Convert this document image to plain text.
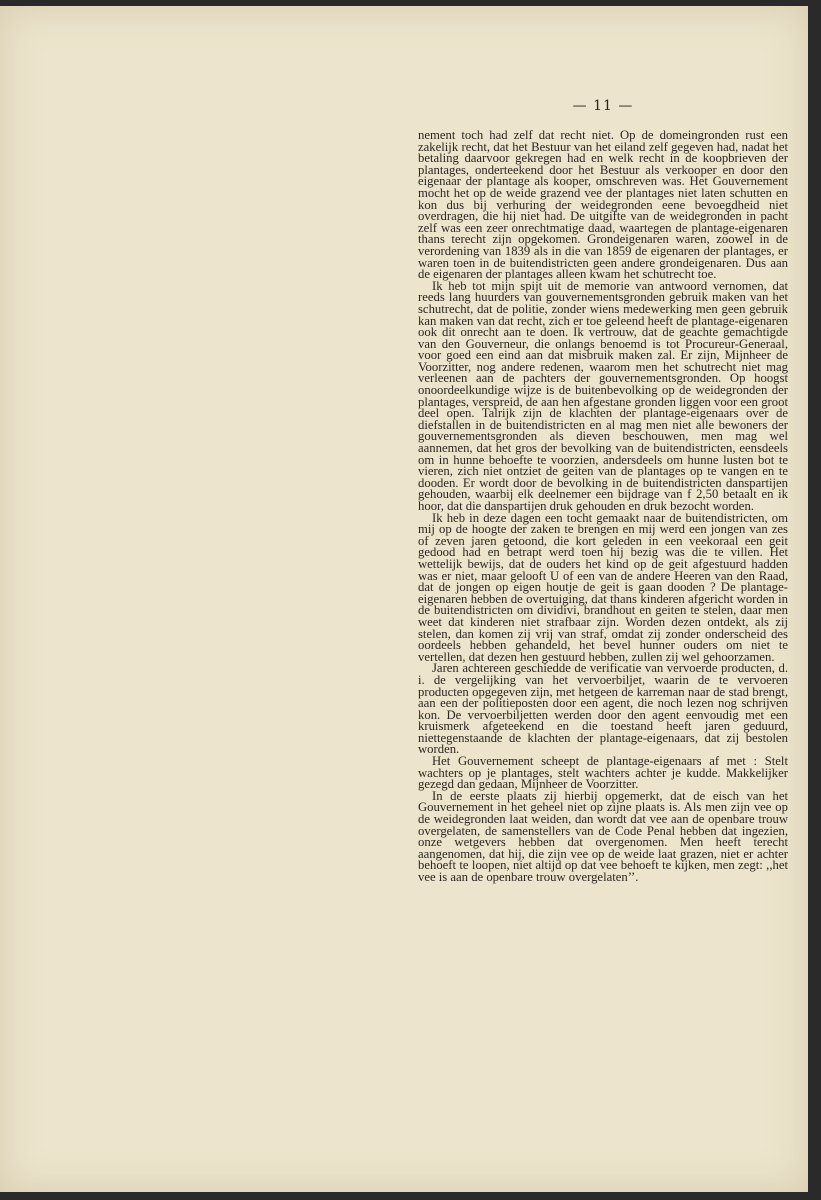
— 11 —

nement toch had zelf dat recht niet. Op de domeingronden rust een zakelijk recht, dat het Bestuur van het eiland zelf gegeven had, nadat het betaling daarvoor gekregen had en welk recht in de koopbrieven der plantages, onderteekend door het Bestuur als verkooper en door den eigenaar der plantage als kooper, omschreven was. Het Gouvernement mocht het op de weide grazend vee der plantages niet laten schutten en kon dus bij verhuring der weidegronden eene bevoegdheid niet overdragen, die hij niet had. De uitgifte van de weidegronden in pacht zelf was een zeer onrechtmatige daad, waartegen de plantage-eigenaren thans terecht zijn opgekomen. Grondeigenaren waren, zoowel in de verordening van 1839 als in die van 1859 de eigenaren der plantages, er waren toen in de buitendistricten geen andere grondeigenaren. Dus aan de eigenaren der plantages alleen kwam het schutrecht toe.

Ik heb tot mijn spijt uit de memorie van antwoord vernomen, dat reeds lang huurders van gouvernementsgronden gebruik maken van het schutrecht, dat de politie, zonder wiens medewerking men geen gebruik kan maken van dat recht, zich er toe geleend heeft de plantage-eigenaren ook dit onrecht aan te doen. Ik vertrouw, dat de geachte gemachtigde van den Gouverneur, die onlangs benoemd is tot Procureur-Generaal, voor goed een eind aan dat misbruik maken zal. Er zijn, Mijnheer de Voorzitter, nog andere redenen, waarom men het schutrecht niet mag verleenen aan de pachters der gouvernementsgronden. Op hoogst onoordeelkundige wijze is de buitenbevolking op de weidegronden der plantages, verspreid, de aan hen afgestane gronden liggen voor een groot deel open. Talrijk zijn de klachten der plantage-eigenaars over de diefstallen in de buitendistricten en al mag men niet alle bewoners der gouvernementsgronden als dieven beschouwen, men mag wel aannemen, dat het gros der bevolking van de buitendistricten, eensdeels om in hunne behoefte te voorzien, andersdeels om hunne lusten bot te vieren, zich niet ontziet de geiten van de plantages op te vangen en te dooden. Er wordt door de bevolking in de buitendistricten danspartijen gehouden, waarbij elk deelnemer een bijdrage van f 2,50 betaalt en ik hoor, dat die danspartijen druk gehouden en druk bezocht worden.

Ik heb in deze dagen een tocht gemaakt naar de buitendistricten, om mij op de hoogte der zaken te brengen en mij werd een jongen van zes of zeven jaren getoond, die kort geleden in een veekoraal een geit gedood had en betrapt werd toen hij bezig was die te villen. Het wettelijk bewijs, dat de ouders het kind op de geit afgestuurd hadden was er niet, maar gelooft U of een van de andere Heeren van den Raad, dat de jongen op eigen houtje de geit is gaan dooden ? De plantage-eigenaren hebben de overtuiging, dat thans kinderen afgericht worden in de buitendistricten om dividivi, brandhout en geiten te stelen, daar men weet dat kinderen niet strafbaar zijn. Worden dezen ontdekt, als zij stelen, dan komen zij vrij van straf, omdat zij zonder onderscheid des oordeels hebben gehandeld, het bevel hunner ouders om niet te vertellen, dat dezen hen gestuurd hebben, zullen zij wel gehoorzamen.

Jaren achtereen geschiedde de verificatie van vervoerde producten, d. i. de vergelijking van het vervoerbiljet, waarin de te vervoeren producten opgegeven zijn, met hetgeen de karreman naar de stad brengt, aan een der politieposten door een agent, die noch lezen nog schrijven kon. De vervoerbiljetten werden door den agent eenvoudig met een kruismerk afgeteekend en die toestand heeft jaren geduurd, niettegenstaande de klachten der plantage-eigenaars, dat zij bestolen worden.

Het Gouvernement scheept de plantage-eigenaars af met : Stelt wachters op je plantages, stelt wachters achter je kudde. Makkelijker gezegd dan gedaan, Mijnheer de Voorzitter.

In de eerste plaats zij hierbij opgemerkt, dat de eisch van het Gouvernement in het geheel niet op zijne plaats is. Als men zijn vee op de weidegronden laat weiden, dan wordt dat vee aan de openbare trouw overgelaten, de samenstellers van de Code Penal hebben dat ingezien, onze wetgevers hebben dat overgenomen. Men heeft terecht aangenomen, dat hij, die zijn vee op de weide laat grazen, niet er achter behoeft te loopen, niet altijd op dat vee behoeft te kijken, men zegt: ,,het vee is aan de openbare trouw overgelaten’’.
